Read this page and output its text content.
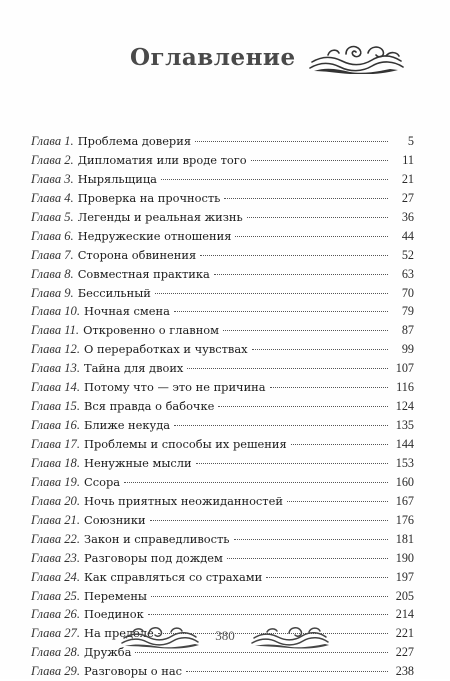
Оглавление
Глава 1. Проблема доверия	5
Глава 2. Дипломатия или вроде того	11
Глава 3. Ныряльщица	21
Глава 4. Проверка на прочность	27
Глава 5. Легенды и реальная жизнь	36
Глава 6. Недружеские отношения	44
Глава 7. Сторона обвинения	52
Глава 8. Совместная практика	63
Глава 9. Бессильный	70
Глава 10. Ночная смена	79
Глава 11. Откровенно о главном	87
Глава 12. О переработках и чувствах	99
Глава 13. Тайна для двоих	107
Глава 14. Потому что — это не причина	116
Глава 15. Вся правда о бабочке	124
Глава 16. Ближе некуда	135
Глава 17. Проблемы и способы их решения	144
Глава 18. Ненужные мысли	153
Глава 19. Ссора	160
Глава 20. Ночь приятных неожиданностей	167
Глава 21. Союзники	176
Глава 22. Закон и справедливость	181
Глава 23. Разговоры под дождем	190
Глава 24. Как справляться со страхами	197
Глава 25. Перемены	205
Глава 26. Поединок	214
Глава 27. На пределе	221
Глава 28. Дружба	227
Глава 29. Разговоры о нас	238
380
